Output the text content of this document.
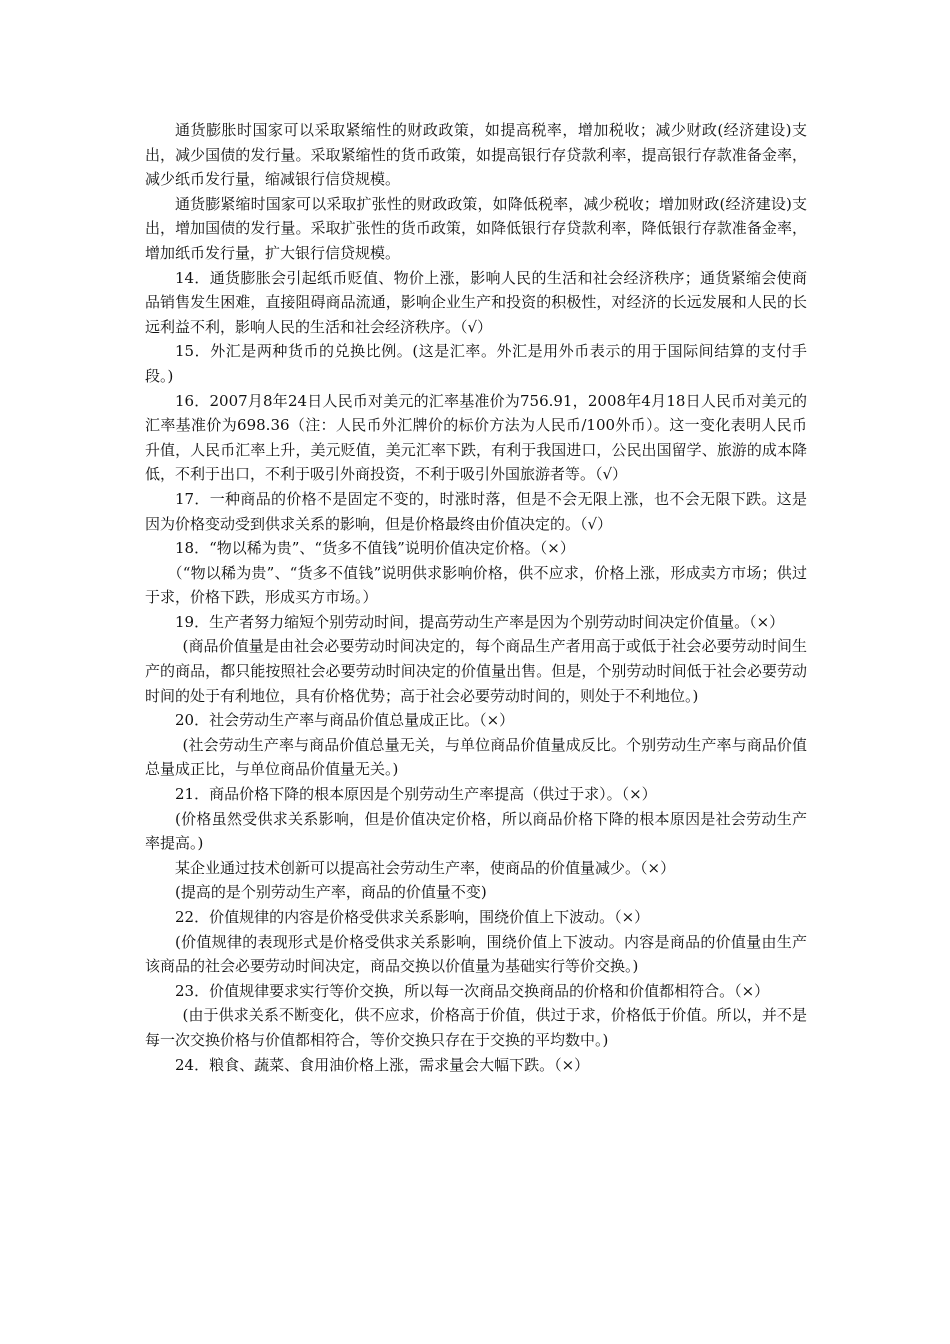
通货膨胀时国家可以采取紧缩性的财政政策，如提高税率，增加税收；减少财政(经济建设)支出，减少国债的发行量。采取紧缩性的货币政策，如提高银行存贷款利率，提高银行存款准备金率，减少纸币发行量，缩减银行信贷规模。

通货膨紧缩时国家可以采取扩张性的财政政策，如降低税率，减少税收；增加财政(经济建设)支出，增加国债的发行量。采取扩张性的货币政策，如降低银行存贷款利率，降低银行存款准备金率，增加纸币发行量，扩大银行信贷规模。

14．通货膨胀会引起纸币贬值、物价上涨，影响人民的生活和社会经济秩序；通货紧缩会使商品销售发生困难，直接阻碍商品流通，影响企业生产和投资的积极性，对经济的长远发展和人民的长远利益不利，影响人民的生活和社会经济秩序。（√）

15．外汇是两种货币的兑换比例。(这是汇率。外汇是用外币表示的用于国际间结算的支付手段。)

16．2007月8年24日人民币对美元的汇率基准价为756.91，2008年4月18日人民币对美元的汇率基准价为698.36（注：人民币外汇牌价的标价方法为人民币/100外币）。这一变化表明人民币升值，人民币汇率上升，美元贬值，美元汇率下跌，有利于我国进口，公民出国留学、旅游的成本降低，不利于出口，不利于吸引外商投资，不利于吸引外国旅游者等。（√）

17．一种商品的价格不是固定不变的，时涨时落，但是不会无限上涨，也不会无限下跌。这是因为价格变动受到供求关系的影响，但是价格最终由价值决定的。（√）

18．“物以稀为贵”、“货多不值钱”说明价值决定价格。（×）

（“物以稀为贵”、“货多不值钱”说明供求影响价格，供不应求，价格上涨，形成卖方市场；供过于求，价格下跌，形成买方市场。）

19．生产者努力缩短个别劳动时间，提高劳动生产率是因为个别劳动时间决定价值量。（×）

(商品价值量是由社会必要劳动时间决定的，每个商品生产者用高于或低于社会必要劳动时间生产的商品，都只能按照社会必要劳动时间决定的价值量出售。但是，个别劳动时间低于社会必要劳动时间的处于有利地位，具有价格优势；高于社会必要劳动时间的，则处于不利地位。)

20．社会劳动生产率与商品价值总量成正比。（×）

(社会劳动生产率与商品价值总量无关，与单位商品价值量成反比。个别劳动生产率与商品价值总量成正比，与单位商品价值量无关。)

21．商品价格下降的根本原因是个别劳动生产率提高（供过于求）。（×）

(价格虽然受供求关系影响，但是价值决定价格，所以商品价格下降的根本原因是社会劳动生产率提高。)

某企业通过技术创新可以提高社会劳动生产率，使商品的价值量减少。（×）

(提高的是个别劳动生产率，商品的价值量不变)

22．价值规律的内容是价格受供求关系影响，围绕价值上下波动。（×）

(价值规律的表现形式是价格受供求关系影响，围绕价值上下波动。内容是商品的价值量由生产该商品的社会必要劳动时间决定，商品交换以价值量为基础实行等价交换。)

23．价值规律要求实行等价交换，所以每一次商品交换商品的价格和价值都相符合。（×）

(由于供求关系不断变化，供不应求，价格高于价值，供过于求，价格低于价值。所以，并不是每一次交换价格与价值都相符合，等价交换只存在于交换的平均数中。)

24．粮食、蔬菜、食用油价格上涨，需求量会大幅下跌。（×）
